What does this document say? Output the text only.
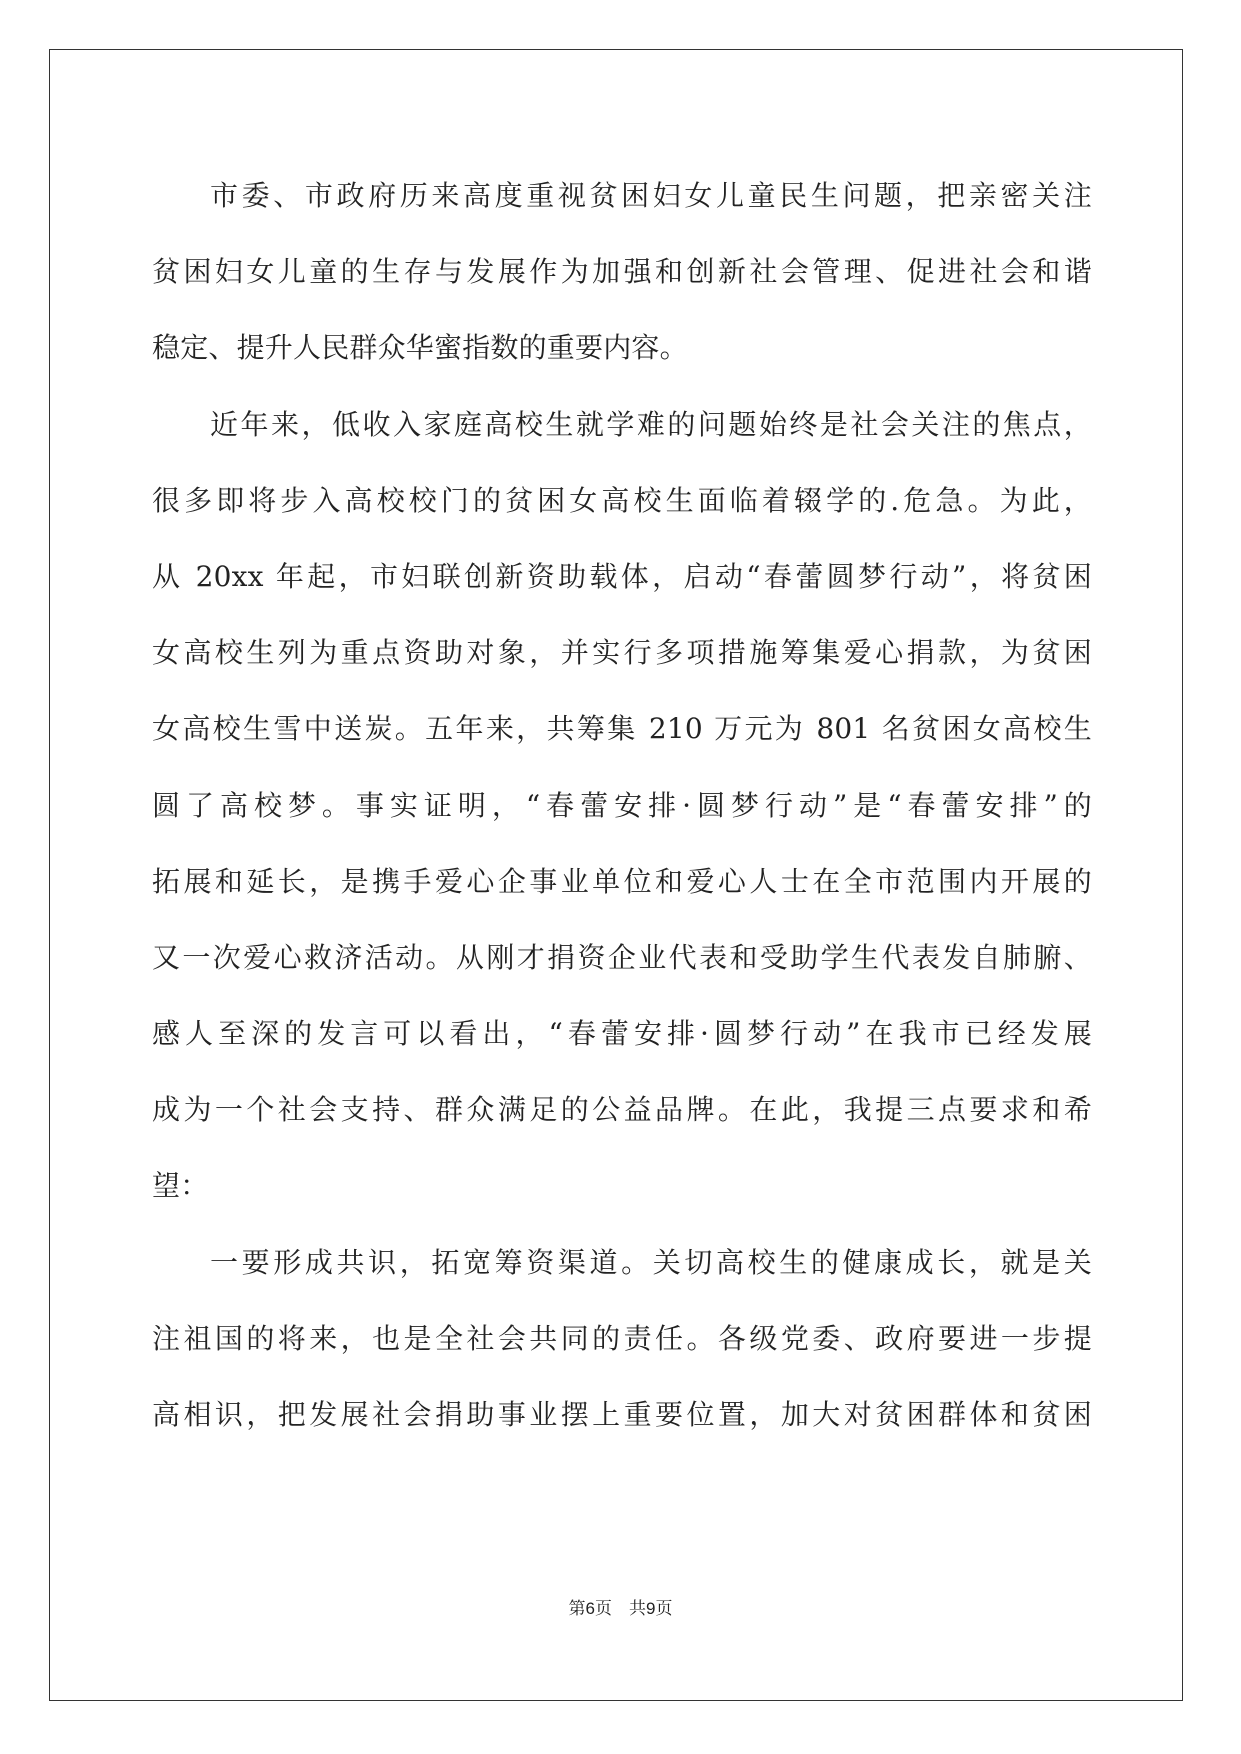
市委、市政府历来高度重视贫困妇女儿童民生问题，把亲密关注
贫困妇女儿童的生存与发展作为加强和创新社会管理、促进社会和谐
稳定、提升人民群众华蜜指数的重要内容。
近年来，低收入家庭高校生就学难的问题始终是社会关注的焦点，
很多即将步入高校校门的贫困女高校生面临着辍学的.危急。为此，
从 20xx 年起，市妇联创新资助载体，启动“春蕾圆梦行动”，将贫困
女高校生列为重点资助对象，并实行多项措施筹集爱心捐款，为贫困
女高校生雪中送炭。五年来，共筹集 210 万元为 801 名贫困女高校生
圆了高校梦。事实证明，“春蕾安排·圆梦行动”是“春蕾安排”的
拓展和延长，是携手爱心企事业单位和爱心人士在全市范围内开展的
又一次爱心救济活动。从刚才捐资企业代表和受助学生代表发自肺腑、
感人至深的发言可以看出，“春蕾安排·圆梦行动”在我市已经发展
成为一个社会支持、群众满足的公益品牌。在此，我提三点要求和希
望：
一要形成共识，拓宽筹资渠道。关切高校生的健康成长，就是关
注祖国的将来，也是全社会共同的责任。各级党委、政府要进一步提
高相识，把发展社会捐助事业摆上重要位置，加大对贫困群体和贫困
第6页　共9页
